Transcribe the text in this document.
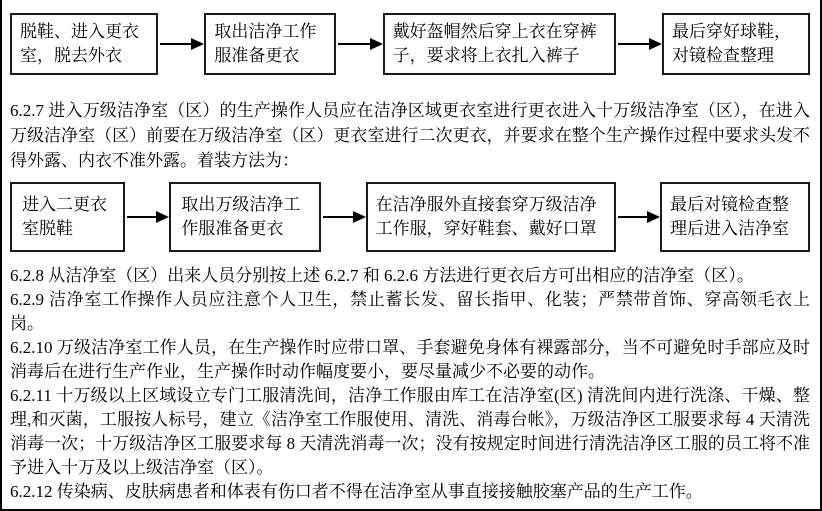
脱鞋、进入更衣室，脱去外衣
取出洁净工作服准备更衣
戴好盔帽然后穿上衣在穿裤子，要求将上衣扎入裤子
最后穿好球鞋，对镜检查整理

6.2.7 进入万级洁净室（区）的生产操作人员应在洁净区域更衣室进行更衣进入十万级洁净室（区），在进入万级洁净室（区）前要在万级洁净室（区）更衣室进行二次更衣，并要求在整个生产操作过程中要求头发不得外露、内衣不准外露。着装方法为：

进入二更衣室脱鞋
取出万级洁净工作服准备更衣
在洁净服外直接套穿万级洁净工作服，穿好鞋套、戴好口罩
最后对镜检查整理后进入洁净室

6.2.8 从洁净室（区）出来人员分别按上述 6.2.7 和 6.2.6 方法进行更衣后方可出相应的洁净室（区）。

6.2.9 洁净室工作操作人员应注意个人卫生，禁止蓄长发、留长指甲、化装；严禁带首饰、穿高领毛衣上岗。

6.2.10 万级洁净室工作人员，在生产操作时应带口罩、手套避免身体有裸露部分，当不可避免时手部应及时消毒后在进行生产作业，生产操作时动作幅度要小，要尽量减少不必要的动作。

6.2.11 十万级以上区域设立专门工服清洗间，洁净工作服由库工在洁净室(区) 清洗间内进行洗涤、干燥、整理,和灭菌，工服按人标号，建立《洁净室工作服使用、清洗、消毒台帐》，万级洁净区工服要求每 4 天清洗消毒一次；十万级洁净区工服要求每 8 天清洗消毒一次；没有按规定时间进行清洗洁净区工服的员工将不准予进入十万及以上级洁净室（区）。

6.2.12 传染病、皮肤病患者和体表有伤口者不得在洁净室从事直接接触胶塞产品的生产工作。
